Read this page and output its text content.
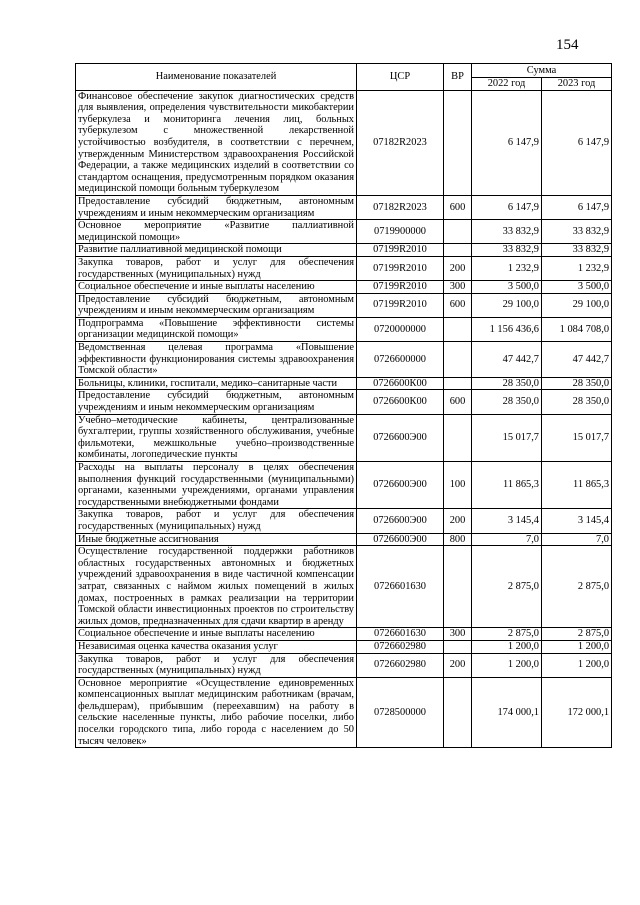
154
Наименование показателей	ЦСР	ВР	Сумма	
			2022 год	2023 год
Финансовое обеспечение закупок диагностических средств для выявления, определения чувствительности микобактерии туберкулеза и мониторинга лечения лиц, больных туберкулезом с множественной лекарственной устойчивостью возбудителя, в соответствии с перечнем, утвержденным Министерством здравоохранения Российской Федерации, а также медицинских изделий в соответствии со стандартом оснащения, предусмотренным порядком оказания медицинской помощи больным туберкулезом	07182R2023		6 147,9	6 147,9
Предоставление субсидий бюджетным, автономным учреждениям и иным некоммерческим организациям	07182R2023	600	6 147,9	6 147,9
Основное мероприятие «Развитие паллиативной медицинской помощи»	0719900000		33 832,9	33 832,9
Развитие паллиативной медицинской помощи	07199R2010		33 832,9	33 832,9
Закупка товаров, работ и услуг для обеспечения государственных (муниципальных) нужд	07199R2010	200	1 232,9	1 232,9
Социальное обеспечение и иные выплаты населению	07199R2010	300	3 500,0	3 500,0
Предоставление субсидий бюджетным, автономным учреждениям и иным некоммерческим организациям	07199R2010	600	29 100,0	29 100,0
Подпрограмма «Повышение эффективности системы организации медицинской помощи»	0720000000		1 156 436,6	1 084 708,0
Ведомственная целевая программа «Повышение эффективности функционирования системы здравоохранения Томской области»	0726600000		47 442,7	47 442,7
Больницы, клиники, госпитали, медико–санитарные части	0726600К00		28 350,0	28 350,0
Предоставление субсидий бюджетным, автономным учреждениям и иным некоммерческим организациям	0726600К00	600	28 350,0	28 350,0
Учебно–методические кабинеты, централизованные бухгалтерии, группы хозяйственного обслуживания, учебные фильмотеки, межшкольные учебно–производственные комбинаты, логопедические пункты	0726600Э00		15 017,7	15 017,7
Расходы на выплаты персоналу в целях обеспечения выполнения функций государственными (муниципальными) органами, казенными учреждениями, органами управления государственными внебюджетными фондами	0726600Э00	100	11 865,3	11 865,3
Закупка товаров, работ и услуг для обеспечения государственных (муниципальных) нужд	0726600Э00	200	3 145,4	3 145,4
Иные бюджетные ассигнования	0726600Э00	800	7,0	7,0
Осуществление государственной поддержки работников областных государственных автономных и бюджетных учреждений здравоохранения в виде частичной компенсации затрат, связанных с наймом жилых помещений в жилых домах, построенных в рамках реализации на территории Томской области инвестиционных проектов по строительству жилых домов, предназначенных для сдачи квартир в аренду	0726601630		2 875,0	2 875,0
Социальное обеспечение и иные выплаты населению	0726601630	300	2 875,0	2 875,0
Независимая оценка качества оказания услуг	0726602980		1 200,0	1 200,0
Закупка товаров, работ и услуг для обеспечения государственных (муниципальных) нужд	0726602980	200	1 200,0	1 200,0
Основное мероприятие «Осуществление единовременных компенсационных выплат медицинским работникам (врачам, фельдшерам), прибывшим (переехавшим) на работу в сельские населенные пункты, либо рабочие поселки, либо поселки городского типа, либо города с населением до 50 тысяч человек»	0728500000		174 000,1	172 000,1
